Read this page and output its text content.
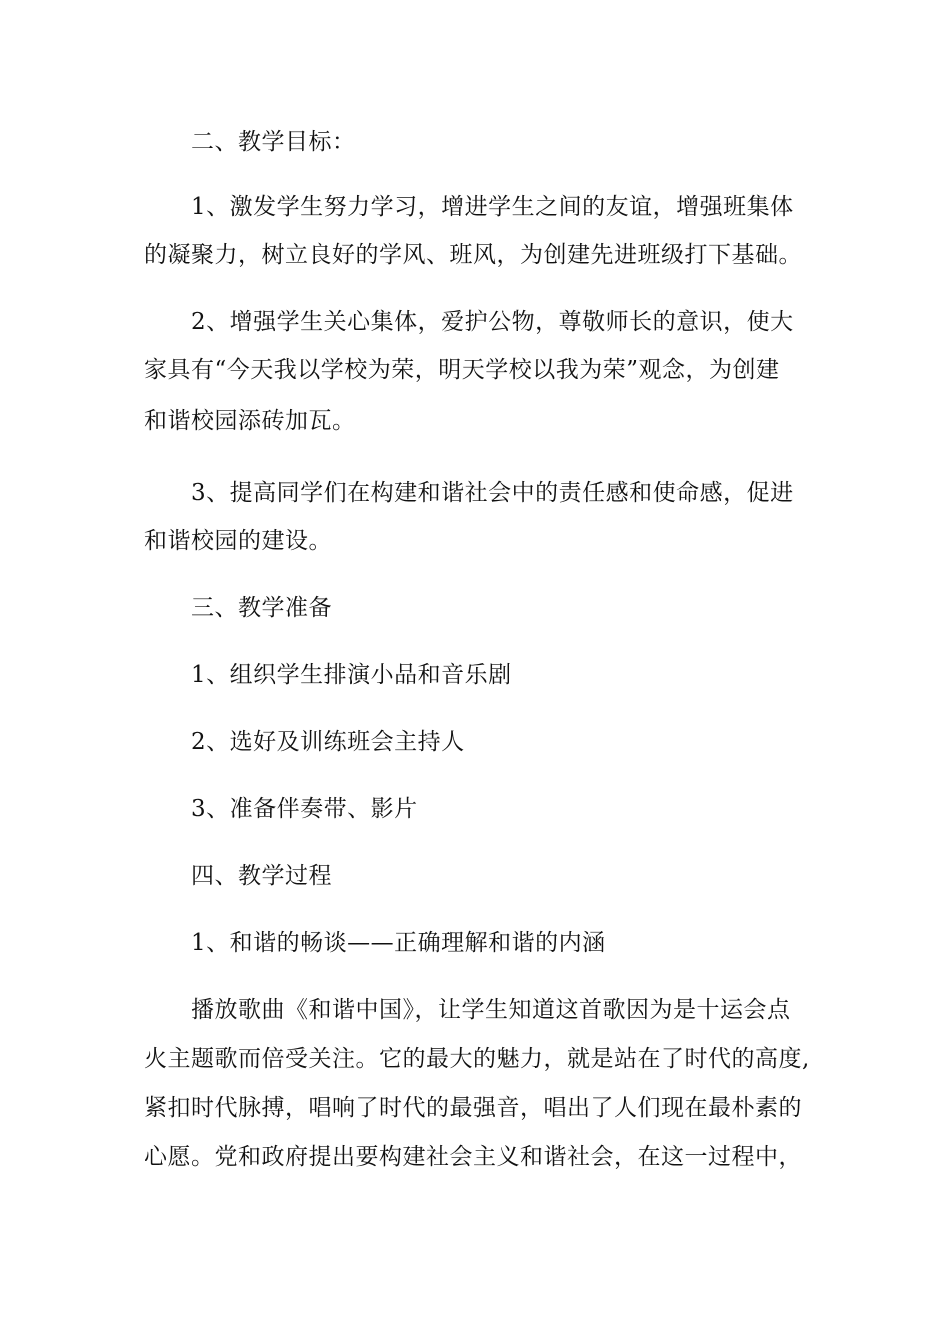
二、教学目标：
1、激发学生努力学习，增进学生之间的友谊，增强班集体
的凝聚力，树立良好的学风、班风，为创建先进班级打下基础。
2、增强学生关心集体，爱护公物，尊敬师长的意识，使大
家具有“今天我以学校为荣，明天学校以我为荣”观念，为创建
和谐校园添砖加瓦。
3、提高同学们在构建和谐社会中的责任感和使命感，促进
和谐校园的建设。
三、教学准备
1、组织学生排演小品和音乐剧
2、选好及训练班会主持人
3、准备伴奏带、影片
四、教学过程
1、和谐的畅谈——正确理解和谐的内涵
播放歌曲《和谐中国》，让学生知道这首歌因为是十运会点
火主题歌而倍受关注。它的最大的魅力，就是站在了时代的高度,
紧扣时代脉搏，唱响了时代的最强音，唱出了人们现在最朴素的
心愿。党和政府提出要构建社会主义和谐社会，在这一过程中，
